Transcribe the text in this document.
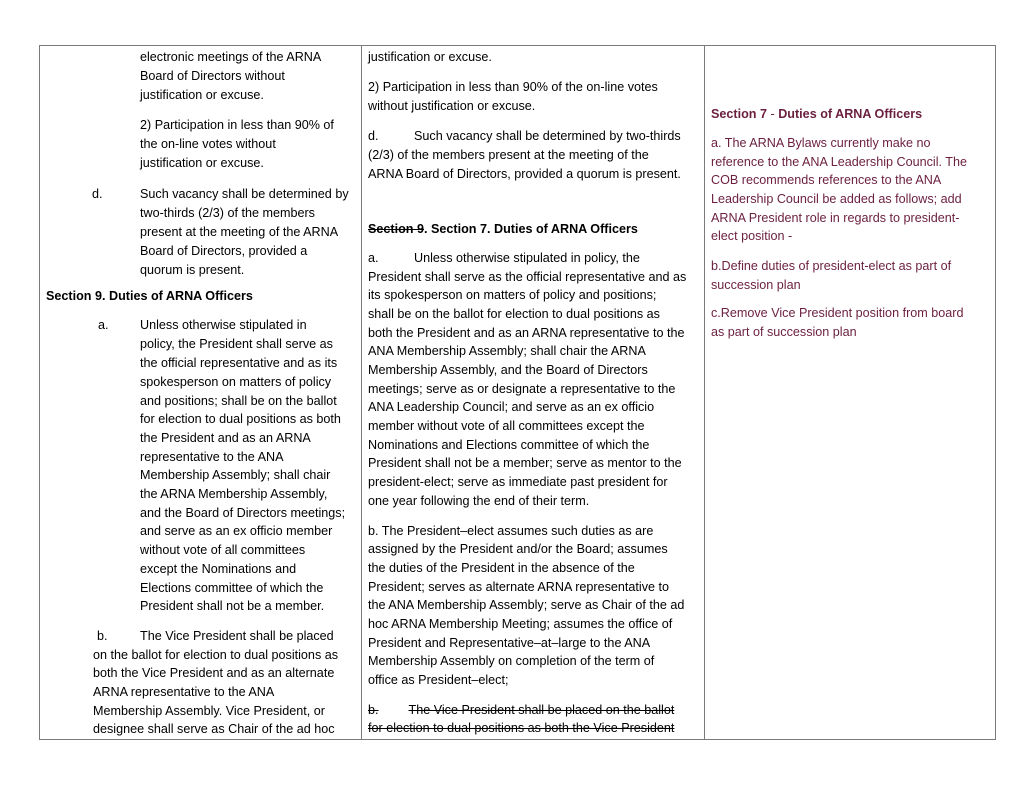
electronic meetings of the ARNA
Board of Directors without
justification or excuse.
2) Participation in less than 90% of
the on-line votes without
justification or excuse.
d.	Such vacancy shall be determined by
two-thirds (2/3) of the members
present at the meeting of the ARNA
Board of Directors, provided a
quorum is present.
Section 9. Duties of ARNA Officers
a. Unless otherwise stipulated in
policy, the President shall serve as
the official representative and as its
spokesperson on matters of policy
and positions; shall be on the ballot
for election to dual positions as both
the President and as an ARNA
representative to the ANA
Membership Assembly; shall chair
the ARNA Membership Assembly,
and the Board of Directors meetings;
and serve as an ex officio member
without vote of all committees
except the Nominations and
Elections committee of which the
President shall not be a member.
b.	The Vice President shall be placed
on the ballot for election to dual positions as
both the Vice President and as an alternate
ARNA representative to the ANA
Membership Assembly. Vice President, or
designee shall serve as Chair of the ad hoc
justification or excuse.
2) Participation in less than 90% of the on-line votes
without justification or excuse.
d.	Such vacancy shall be determined by two-thirds
(2/3) of the members present at the meeting of the
ARNA Board of Directors, provided a quorum is present.
Section 9. Section 7. Duties of ARNA Officers
a.	Unless otherwise stipulated in policy, the
President shall serve as the official representative and as
its spokesperson on matters of policy and positions;
shall be on the ballot for election to dual positions as
both the President and as an ARNA representative to the
ANA Membership Assembly; shall chair the ARNA
Membership Assembly, and the Board of Directors
meetings; serve as or designate a representative to the
ANA Leadership Council; and serve as an ex officio
member without vote of all committees except the
Nominations and Elections committee of which the
President shall not be a member; serve as mentor to the
president-elect; serve as immediate past president for
one year following the end of their term.
b. The President–elect assumes such duties as are
assigned by the President and/or the Board; assumes
the duties of the President in the absence of the
President; serves as alternate ARNA representative to
the ANA Membership Assembly; serve as Chair of the ad
hoc ARNA Membership Meeting; assumes the office of
President and Representative–at–large to the ANA
Membership Assembly on completion of the term of
office as President–elect;
b. The Vice President shall be placed on the ballot
for election to dual positions as both the Vice President
Section 7 - Duties of ARNA Officers
a. The ARNA Bylaws currently make no
reference to the ANA Leadership Council. The
COB recommends references to the ANA
Leadership Council be added as follows; add
ARNA President role in regards to president-
elect position -
b.Define duties of president-elect as part of
succession plan
c.Remove Vice President position from board
as part of succession plan
